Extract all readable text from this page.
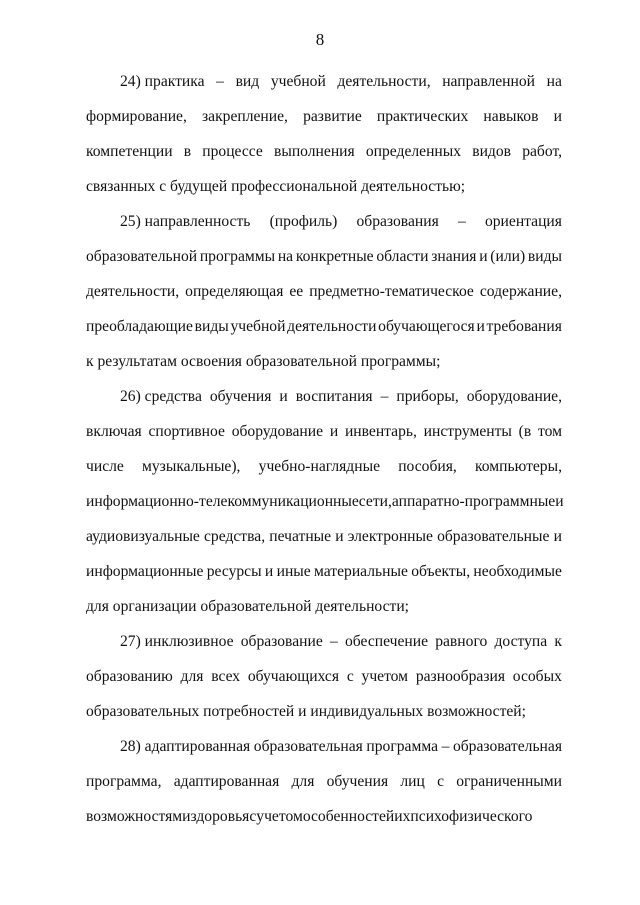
8
24) практика – вид учебной деятельности, направленной на
формирование, закрепление, развитие практических навыков и
компетенции в процессе выполнения определенных видов работ,
связанных с будущей профессиональной деятельностью;
25) направленность (профиль) образования – ориентация
образовательной программы на конкретные области знания и (или) виды
деятельности, определяющая ее предметно-тематическое содержание,
преобладающие виды учебной деятельности обучающегося и требования
к результатам освоения образовательной программы;
26) средства обучения и воспитания – приборы, оборудование,
включая спортивное оборудование и инвентарь, инструменты (в том
числе музыкальные), учебно-наглядные пособия, компьютеры,
информационно-телекоммуникационные сети, аппаратно-программные и
аудиовизуальные средства, печатные и электронные образовательные и
информационные ресурсы и иные материальные объекты, необходимые
для организации образовательной деятельности;
27) инклюзивное образование – обеспечение равного доступа к
образованию для всех обучающихся с учетом разнообразия особых
образовательных потребностей и индивидуальных возможностей;
28) адаптированная образовательная программа – образовательная
программа, адаптированная для обучения лиц с ограниченными
возможностями здоровья с учетом особенностей их психофизического
